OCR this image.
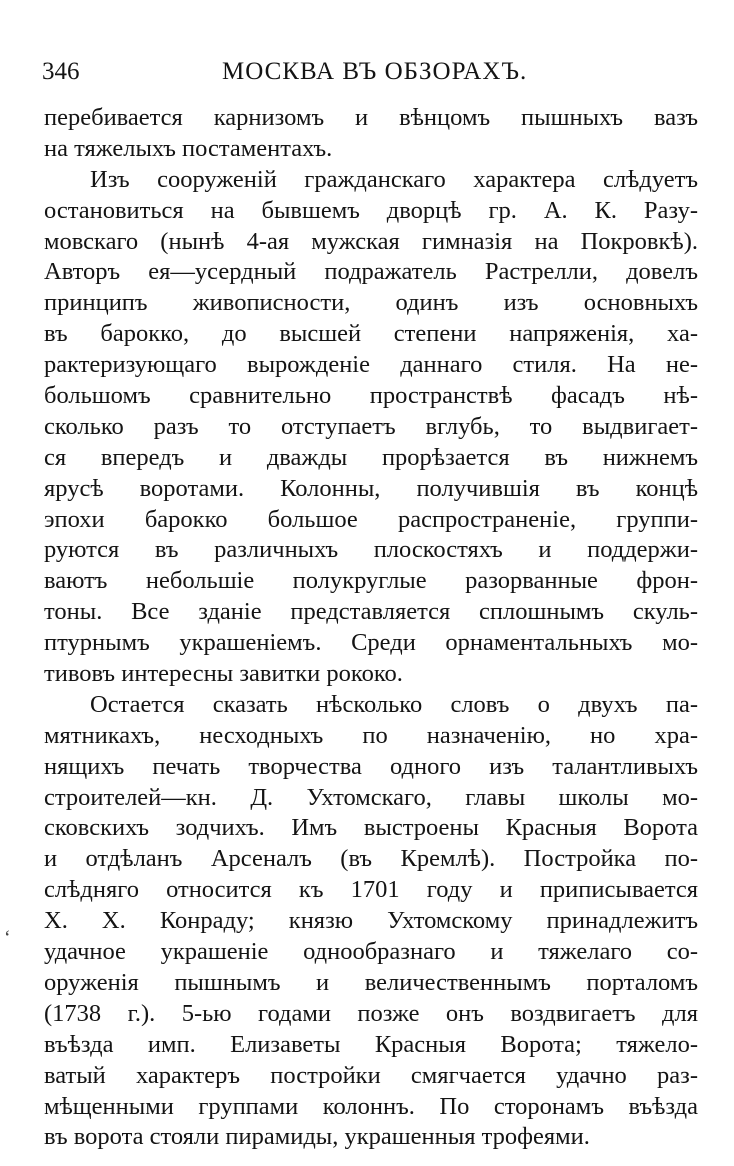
346	МОСКВА ВЪ ОБЗОРАХЪ.
перебивается карнизомъ и вѣнцомъ пышныхъ вазъ
на тяжелыхъ постаментахъ.
Изъ сооруженій гражданскаго характера слѣдуетъ
остановиться на бывшемъ дворцѣ гр. А. К. Разу-
мовскаго (нынѣ 4-ая мужская гимназія на Покровкѣ).
Авторъ ея—усердный подражатель Растрелли, довелъ
принципъ живописности, одинъ изъ основныхъ
въ барокко, до высшей степени напряженія, ха-
рактеризующаго вырожденіе даннаго стиля. На не-
большомъ сравнительно пространствѣ фасадъ нѣ-
сколько разъ то отступаетъ вглубь, то выдвигает-
ся впередъ и дважды прорѣзается въ нижнемъ
ярусѣ воротами. Колонны, получившія въ концѣ
эпохи барокко большое распространеніе, группи-
руются въ различныхъ плоскостяхъ и поддержи-
ваютъ небольшіе полукруглые разорванные фрон-
тоны. Все зданіе представляется сплошнымъ скуль-
птурнымъ украшеніемъ. Среди орнаментальныхъ мо-
тивовъ интересны завитки рококо.
Остается сказать нѣсколько словъ о двухъ па-
мятникахъ, несходныхъ по назначенію, но хра-
нящихъ печать творчества одного изъ талантливыхъ
строителей—кн. Д. Ухтомскаго, главы школы мо-
сковскихъ зодчихъ. Имъ выстроены Красныя Ворота
и отдѣланъ Арсеналъ (въ Кремлѣ). Постройка по-
слѣдняго относится къ 1701 году и приписывается
X. X. Конраду; князю Ухтомскому принадлежитъ
удачное украшеніе однообразнаго и тяжелаго со-
оруженія пышнымъ и величественнымъ порталомъ
(1738 г.). 5-ью годами позже онъ воздвигаетъ для
въѣзда имп. Елизаветы Красныя Ворота; тяжело-
ватый характеръ постройки смягчается удачно раз-
мѣщенными группами колоннъ. По сторонамъ въѣзда
въ ворота стояли пирамиды, украшенныя трофеями.
ʻ
